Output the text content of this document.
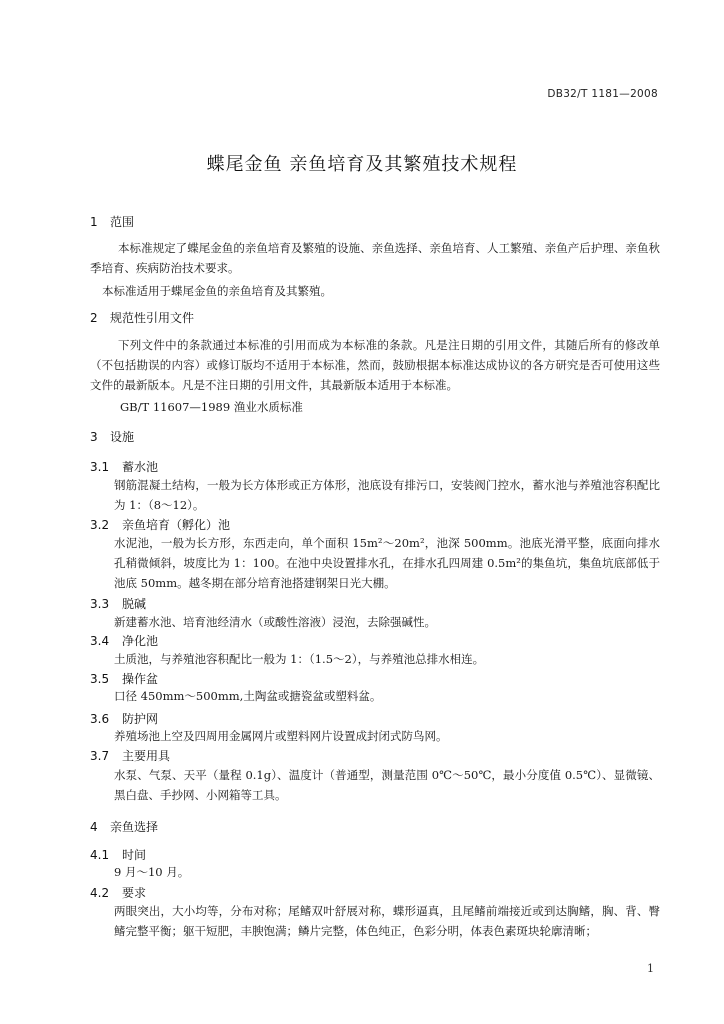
DB32/T 1181—2008
蝶尾金鱼 亲鱼培育及其繁殖技术规程
1 范围
本标准规定了蝶尾金鱼的亲鱼培育及繁殖的设施、亲鱼选择、亲鱼培育、人工繁殖、亲鱼产后护理、亲鱼秋季培育、疾病防治技术要求。
本标准适用于蝶尾金鱼的亲鱼培育及其繁殖。
2 规范性引用文件
下列文件中的条款通过本标准的引用而成为本标准的条款。凡是注日期的引用文件，其随后所有的修改单（不包括勘误的内容）或修订版均不适用于本标准，然而，鼓励根据本标准达成协议的各方研究是否可使用这些文件的最新版本。凡是不注日期的引用文件，其最新版本适用于本标准。
GB/T 11607—1989 渔业水质标准
3 设施
3.1 蓄水池
钢筋混凝土结构，一般为长方体形或正方体形，池底设有排污口，安装阀门控水，蓄水池与养殖池容积配比为 1：（8～12）。
3.2 亲鱼培育（孵化）池
水泥池，一般为长方形，东西走向，单个面积 15m²～20m²，池深 500mm。池底光滑平整，底面向排水孔稍微倾斜，坡度比为 1：100。在池中央设置排水孔，在排水孔四周建 0.5m²的集鱼坑，集鱼坑底部低于池底 50mm。越冬期在部分培育池搭建钢架日光大棚。
3.3 脱碱
新建蓄水池、培育池经清水（或酸性溶液）浸泡，去除强碱性。
3.4 净化池
土质池，与养殖池容积配比一般为 1：（1.5～2），与养殖池总排水相连。
3.5 操作盆
口径 450mm～500mm,土陶盆或搪瓷盆或塑料盆。
3.6 防护网
养殖场池上空及四周用金属网片或塑料网片设置成封闭式防鸟网。
3.7 主要用具
水泵、气泵、天平（量程 0.1g）、温度计（普通型，测量范围 0℃～50℃，最小分度值 0.5℃）、显微镜、黑白盘、手抄网、小网箱等工具。
4 亲鱼选择
4.1 时间
9 月～10 月。
4.2 要求
两眼突出，大小均等，分布对称；尾鳍双叶舒展对称，蝶形逼真，且尾鳍前端接近或到达胸鳍，胸、背、臀鳍完整平衡；躯干短肥，丰腴饱满；鳞片完整，体色纯正，色彩分明，体表色素斑块轮廓清晰；
1
